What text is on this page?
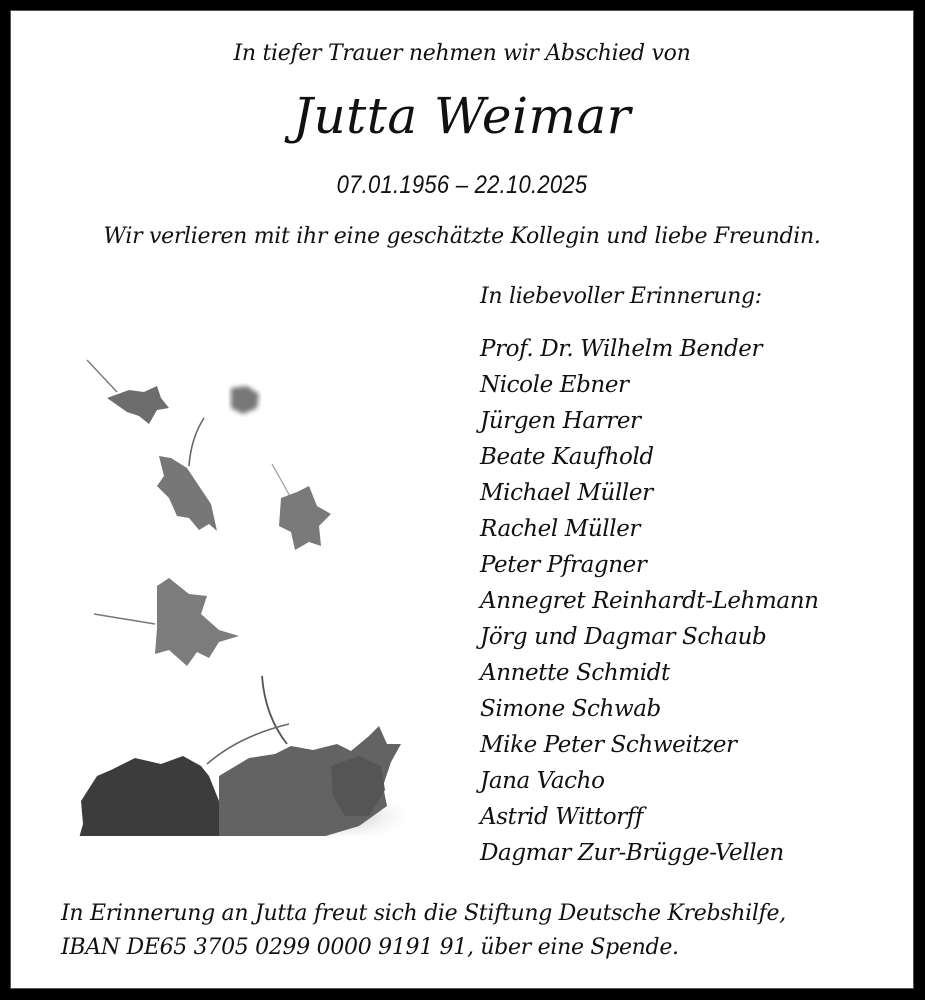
In tiefer Trauer nehmen wir Abschied von
Jutta Weimar
07.01.1956 – 22.10.2025
Wir verlieren mit ihr eine geschätzte Kollegin und liebe Freundin.
In liebevoller Erinnerung:
Prof. Dr. Wilhelm Bender
Nicole Ebner
Jürgen Harrer
Beate Kaufhold
Michael Müller
Rachel Müller
Peter Pfragner
Annegret Reinhardt-Lehmann
Jörg und Dagmar Schaub
Annette Schmidt
Simone Schwab
Mike Peter Schweitzer
Jana Vacho
Astrid Wittorff
Dagmar Zur-Brügge-Vellen
In Erinnerung an Jutta freut sich die Stiftung Deutsche Krebshilfe,
IBAN DE65 3705 0299 0000 9191 91, über eine Spende.
